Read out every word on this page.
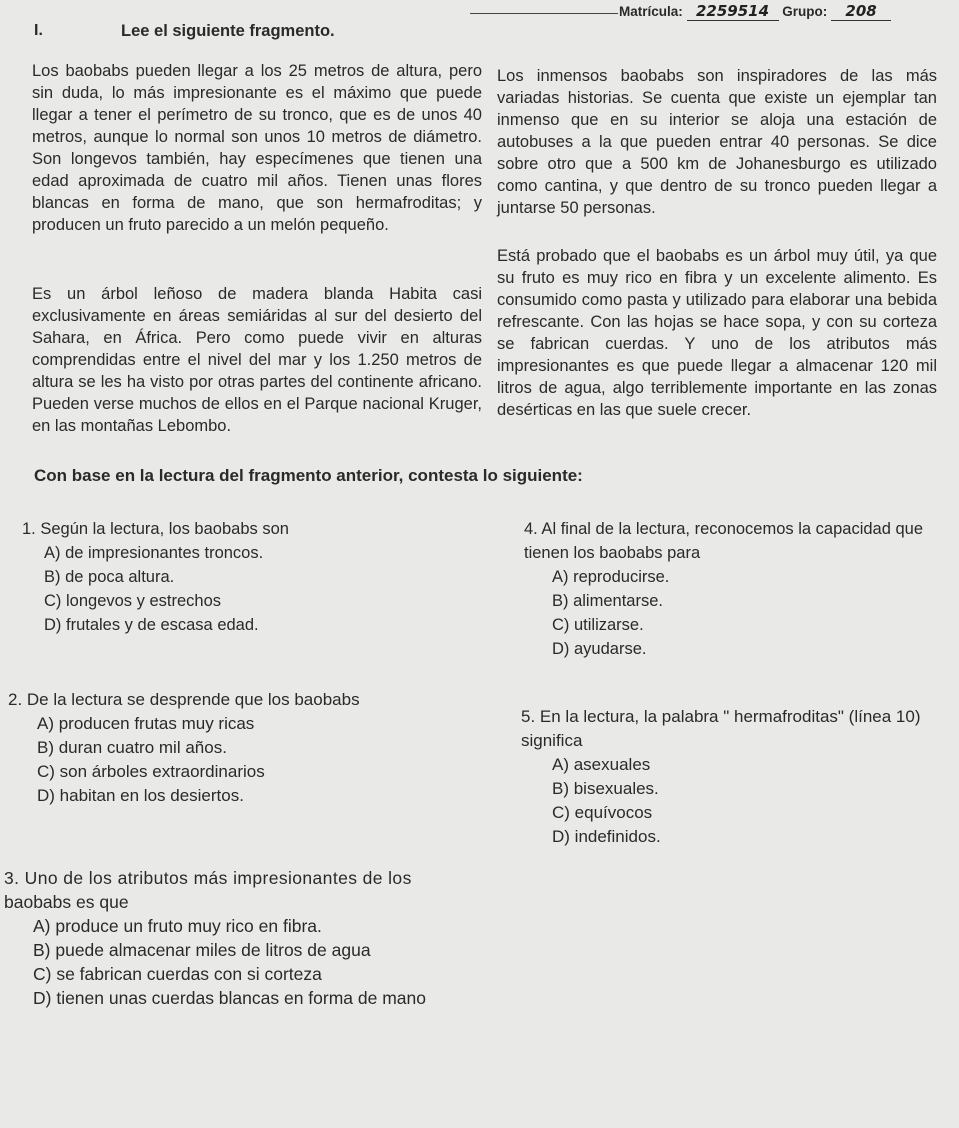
Matrícula: 2259514 Grupo: 208
I.	Lee el siguiente fragmento.
Los baobabs pueden llegar a los 25 metros de altura, pero sin duda, lo más impresionante es el máximo que puede llegar a tener el perímetro de su tronco, que es de unos 40 metros, aunque lo normal son unos 10 metros de diámetro. Son longevos también, hay especímenes que tienen una edad aproximada de cuatro mil años. Tienen unas flores blancas en forma de mano, que son hermafroditas; y producen un fruto parecido a un melón pequeño.
Es un árbol leñoso de madera blanda Habita casi exclusivamente en áreas semiáridas al sur del desierto del Sahara, en África. Pero como puede vivir en alturas comprendidas entre el nivel del mar y los 1.250 metros de altura se les ha visto por otras partes del continente africano. Pueden verse muchos de ellos en el Parque nacional Kruger, en las montañas Lebombo.
Los inmensos baobabs son inspiradores de las más variadas historias. Se cuenta que existe un ejemplar tan inmenso que en su interior se aloja una estación de autobuses a la que pueden entrar 40 personas. Se dice sobre otro que a 500 km de Johanesburgo es utilizado como cantina, y que dentro de su tronco pueden llegar a juntarse 50 personas.
Está probado que el baobabs es un árbol muy útil, ya que su fruto es muy rico en fibra y un excelente alimento. Es consumido como pasta y utilizado para elaborar una bebida refrescante. Con las hojas se hace sopa, y con su corteza se fabrican cuerdas. Y uno de los atributos más impresionantes es que puede llegar a almacenar 120 mil litros de agua, algo terriblemente importante en las zonas desérticas en las que suele crecer.
Con base en la lectura del fragmento anterior, contesta lo siguiente:
1. Según la lectura, los baobabs son
A) de impresionantes troncos.
B) de poca altura.
C) longevos y estrechos
D) frutales y de escasa edad.
2. De la lectura se desprende que los baobabs
A) producen frutas muy ricas
B) duran cuatro mil años.
C) son árboles extraordinarios
D) habitan en los desiertos.
3. Uno de los atributos más impresionantes de los
baobabs es que
A) produce un fruto muy rico en fibra.
B) puede almacenar miles de litros de agua
C) se fabrican cuerdas con si corteza
D) tienen unas cuerdas blancas en forma de mano
4. Al final de la lectura, reconocemos la capacidad que
tienen los baobabs para
A) reproducirse.
B) alimentarse.
C) utilizarse.
D) ayudarse.
5. En la lectura, la palabra " hermafroditas" (línea 10)
significa
A) asexuales
B) bisexuales.
C) equívocos
D) indefinidos.
